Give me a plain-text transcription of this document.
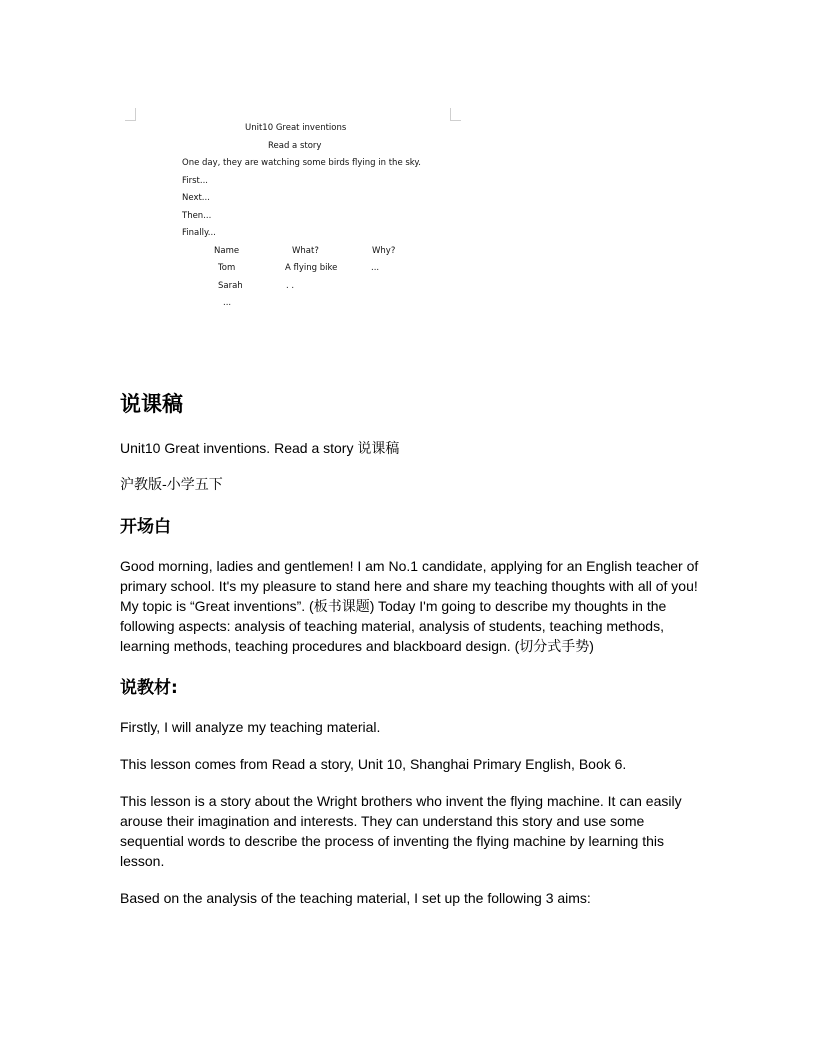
Unit10 Great inventions
Read a story
One day, they are watching some birds flying in the sky.
First...
Next...
Then...
Finally...
Name	What?	Why?
Tom	A flying bike	...
Sarah	. .
...
说课稿
Unit10 Great inventions. Read a story 说课稿
沪教版-小学五下
开场白
Good morning, ladies and gentlemen! I am No.1 candidate, applying for an English teacher of primary school. It's my pleasure to stand here and share my teaching thoughts with all of you! My topic is “Great inventions”. (板书课题) Today I'm going to describe my thoughts in the following aspects: analysis of teaching material, analysis of students, teaching methods, learning methods, teaching procedures and blackboard design. (切分式手势)
说教材:
Firstly, I will analyze my teaching material.
This lesson comes from Read a story, Unit 10, Shanghai Primary English, Book 6.
This lesson is a story about the Wright brothers who invent the flying machine. It can easily arouse their imagination and interests. They can understand this story and use some sequential words to describe the process of inventing the flying machine by learning this lesson.
Based on the analysis of the teaching material, I set up the following 3 aims:
